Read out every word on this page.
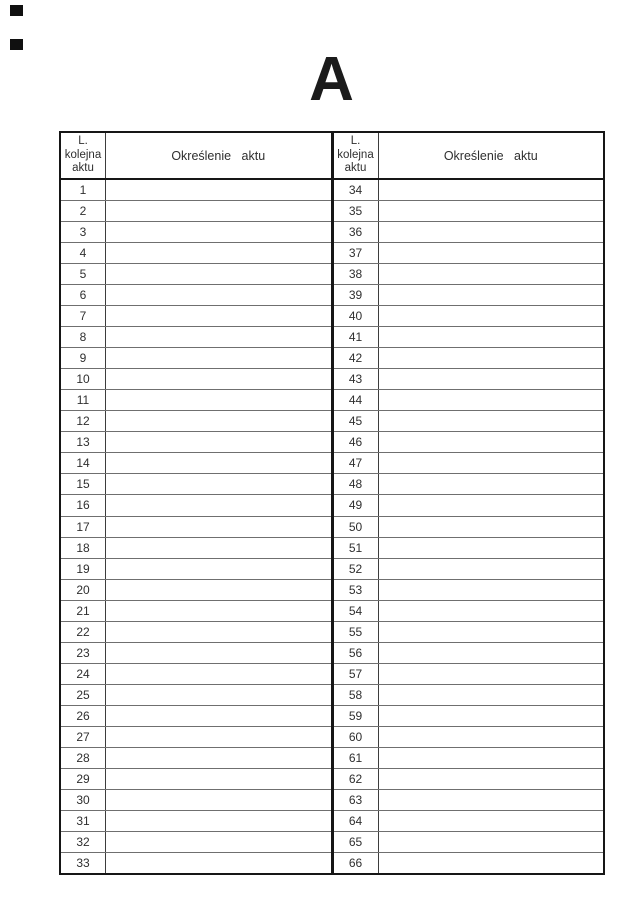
A
L.
kolejna
aktu
Określenie aktu
1
2
3
4
5
6
7
8
9
10
11
12
13
14
15
16
17
18
19
20
21
22
23
24
25
26
27
28
29
30
31
32
33
L.
kolejna
aktu
Określenie aktu
34
35
36
37
38
39
40
41
42
43
44
45
46
47
48
49
50
51
52
53
54
55
56
57
58
59
60
61
62
63
64
65
66
